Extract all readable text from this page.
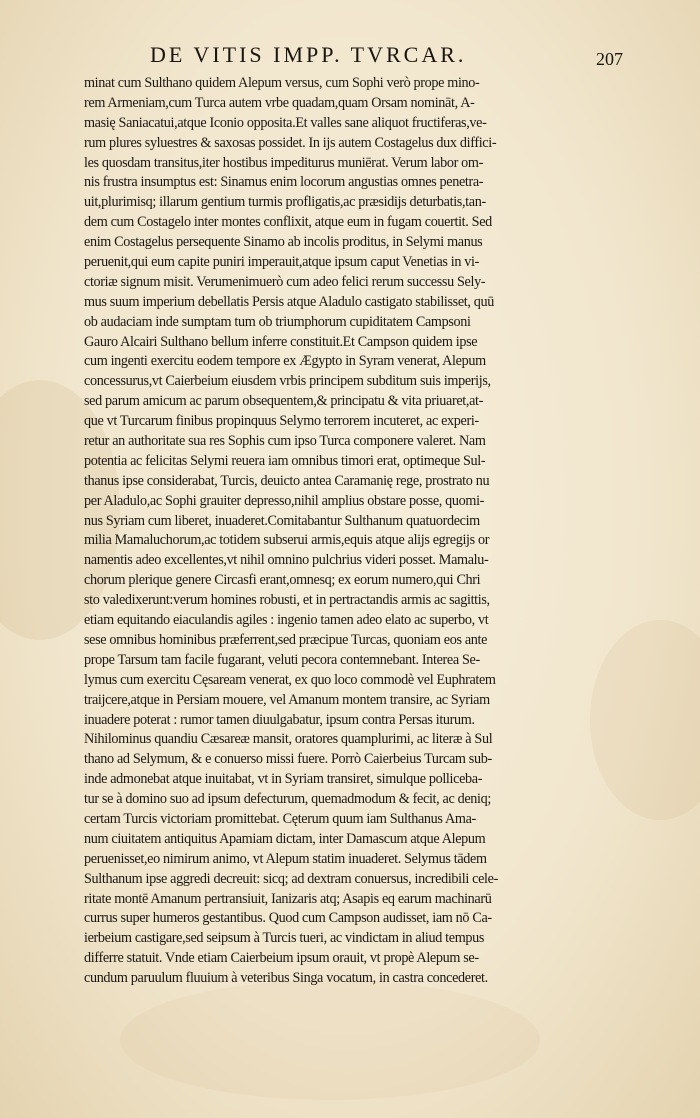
DE VITIS IMPP. TVRCAR.	207
minat cum Sulthano quidem Alepum versus, cum Sophi verò prope mino-
rem Armeniam,cum Turca autem vrbe quadam,quam Orsam nomināt, A-
masię Saniacatui,atque Iconio opposita.Et valles sane aliquot fructiferas,ve-
rum plures syluestres & saxosas possidet. In ijs autem Costagelus dux diffici-
les quosdam transitus,iter hostibus impediturus muniērat. Verum labor om-
nis frustra insumptus est: Sinamus enim locorum angustias omnes penetra-
uit,plurimisq; illarum gentium turmis profligatis,ac præsidijs deturbatis,tan-
dem cum Costagelo inter montes conflixit, atque eum in fugam couertit. Sed
enim Costagelus persequente Sinamo ab incolis proditus, in Selymi manus
peruenit,qui eum capite puniri imperauit,atque ipsum caput Venetias in vi-
ctoriæ signum misit. Verumenimuerò cum adeo felici rerum successu Sely-
mus suum imperium debellatis Persis atque Aladulo castigato stabilisset, quū
ob audaciam inde sumptam tum ob triumphorum cupiditatem Campsoni
Gauro Alcairi Sulthano bellum inferre constituit.Et Campson quidem ipse
cum ingenti exercitu eodem tempore ex Ægypto in Syram venerat, Alepum
concessurus,vt Caierbeium eiusdem vrbis principem subditum suis imperijs,
sed parum amicum ac parum obsequentem,& principatu & vita priuaret,at-
que vt Turcarum finibus propinquus Selymo terrorem incuteret, ac experi-
retur an authoritate sua res Sophis cum ipso Turca componere valeret. Nam
potentia ac felicitas Selymi reuera iam omnibus timori erat, optimeque Sul-
thanus ipse considerabat, Turcis, deuicto antea Caramanię rege, prostrato nu
per Aladulo,ac Sophi grauiter depresso,nihil amplius obstare posse, quomi-
nus Syriam cum liberet, inuaderet.Comitabantur Sulthanum quatuordecim
milia Mamaluchorum,ac totidem subserui armis,equis atque alijs egregijs or
namentis adeo excellentes,vt nihil omnino pulchrius videri posset. Mamalu-
chorum plerique genere Circasfi erant,omnesq; ex eorum numero,qui Chri
sto valedixerunt:verum homines robusti, et in pertractandis armis ac sagittis,
etiam equitando eiaculandis agiles : ingenio tamen adeo elato ac superbo, vt
sese omnibus hominibus præferrent,sed præcipue Turcas, quoniam eos ante
prope Tarsum tam facile fugarant, veluti pecora contemnebant. Interea Se-
lymus cum exercitu Cęsaream venerat, ex quo loco commodè vel Euphratem
traijcere,atque in Persiam mouere, vel Amanum montem transire, ac Syriam
inuadere poterat : rumor tamen diuulgabatur, ipsum contra Persas iturum.
Nihilominus quandiu Cæsareæ mansit, oratores quamplurimi, ac literæ à Sul
thano ad Selymum, & e conuerso missi fuere. Porrò Caierbeius Turcam sub-
inde admonebat atque inuitabat, vt in Syriam transiret, simulque polliceba-
tur se à domino suo ad ipsum defecturum, quemadmodum & fecit, ac deniq;
certam Turcis victoriam promittebat. Cęterum quum iam Sulthanus Ama-
num ciuitatem antiquitus Apamiam dictam, inter Damascum atque Alepum
peruenisset,eo nimirum animo, vt Alepum statim inuaderet. Selymus tādem
Sulthanum ipse aggredi decreuit: sicq; ad dextram conuersus, incredibili cele-
ritate montē Amanum pertransiuit, Ianizaris atq; Asapis eq earum machinarū
currus super humeros gestantibus. Quod cum Campson audisset, iam nō Ca-
ierbeium castigare,sed seipsum à Turcis tueri, ac vindictam in aliud tempus
differre statuit. Vnde etiam Caierbeium ipsum orauit, vt propè Alepum se-
cundum paruulum fluuium à veteribus Singa vocatum, in castra concederet.
